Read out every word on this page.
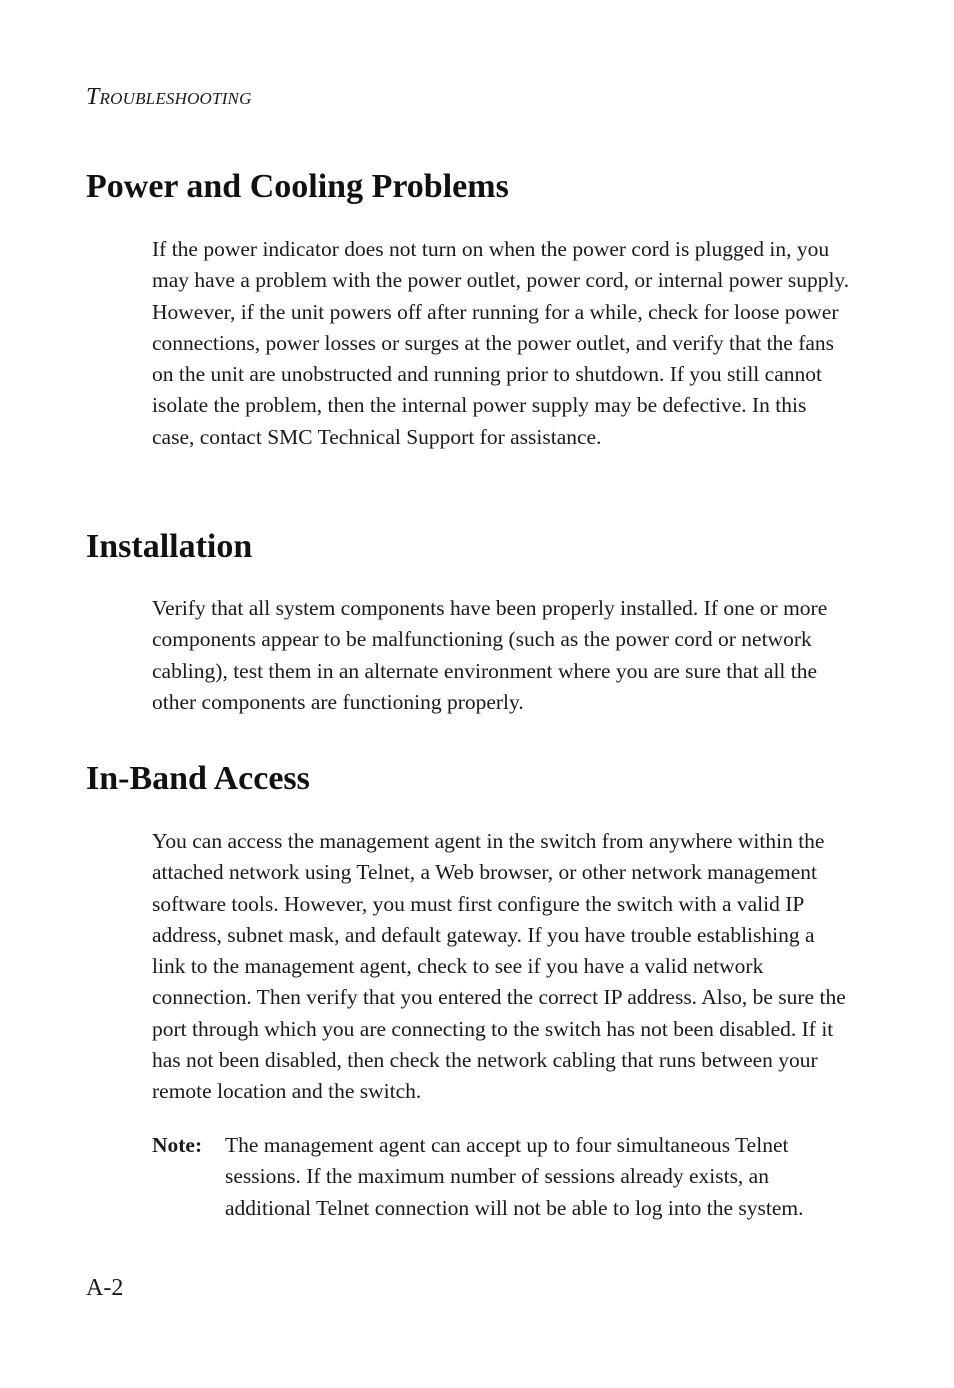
Troubleshooting
Power and Cooling Problems

If the power indicator does not turn on when the power cord is plugged in, you may have a problem with the power outlet, power cord, or internal power supply. However, if the unit powers off after running for a while, check for loose power connections, power losses or surges at the power outlet, and verify that the fans on the unit are unobstructed and running prior to shutdown. If you still cannot isolate the problem, then the internal power supply may be defective. In this case, contact SMC Technical Support for assistance.

Installation

Verify that all system components have been properly installed. If one or more components appear to be malfunctioning (such as the power cord or network cabling), test them in an alternate environment where you are sure that all the other components are functioning properly.

In-Band Access

You can access the management agent in the switch from anywhere within the attached network using Telnet, a Web browser, or other network management software tools. However, you must first configure the switch with a valid IP address, subnet mask, and default gateway. If you have trouble establishing a link to the management agent, check to see if you have a valid network connection. Then verify that you entered the correct IP address. Also, be sure the port through which you are connecting to the switch has not been disabled. If it has not been disabled, then check the network cabling that runs between your remote location and the switch.

Note: The management agent can accept up to four simultaneous Telnet sessions. If the maximum number of sessions already exists, an additional Telnet connection will not be able to log into the system.

A-2
